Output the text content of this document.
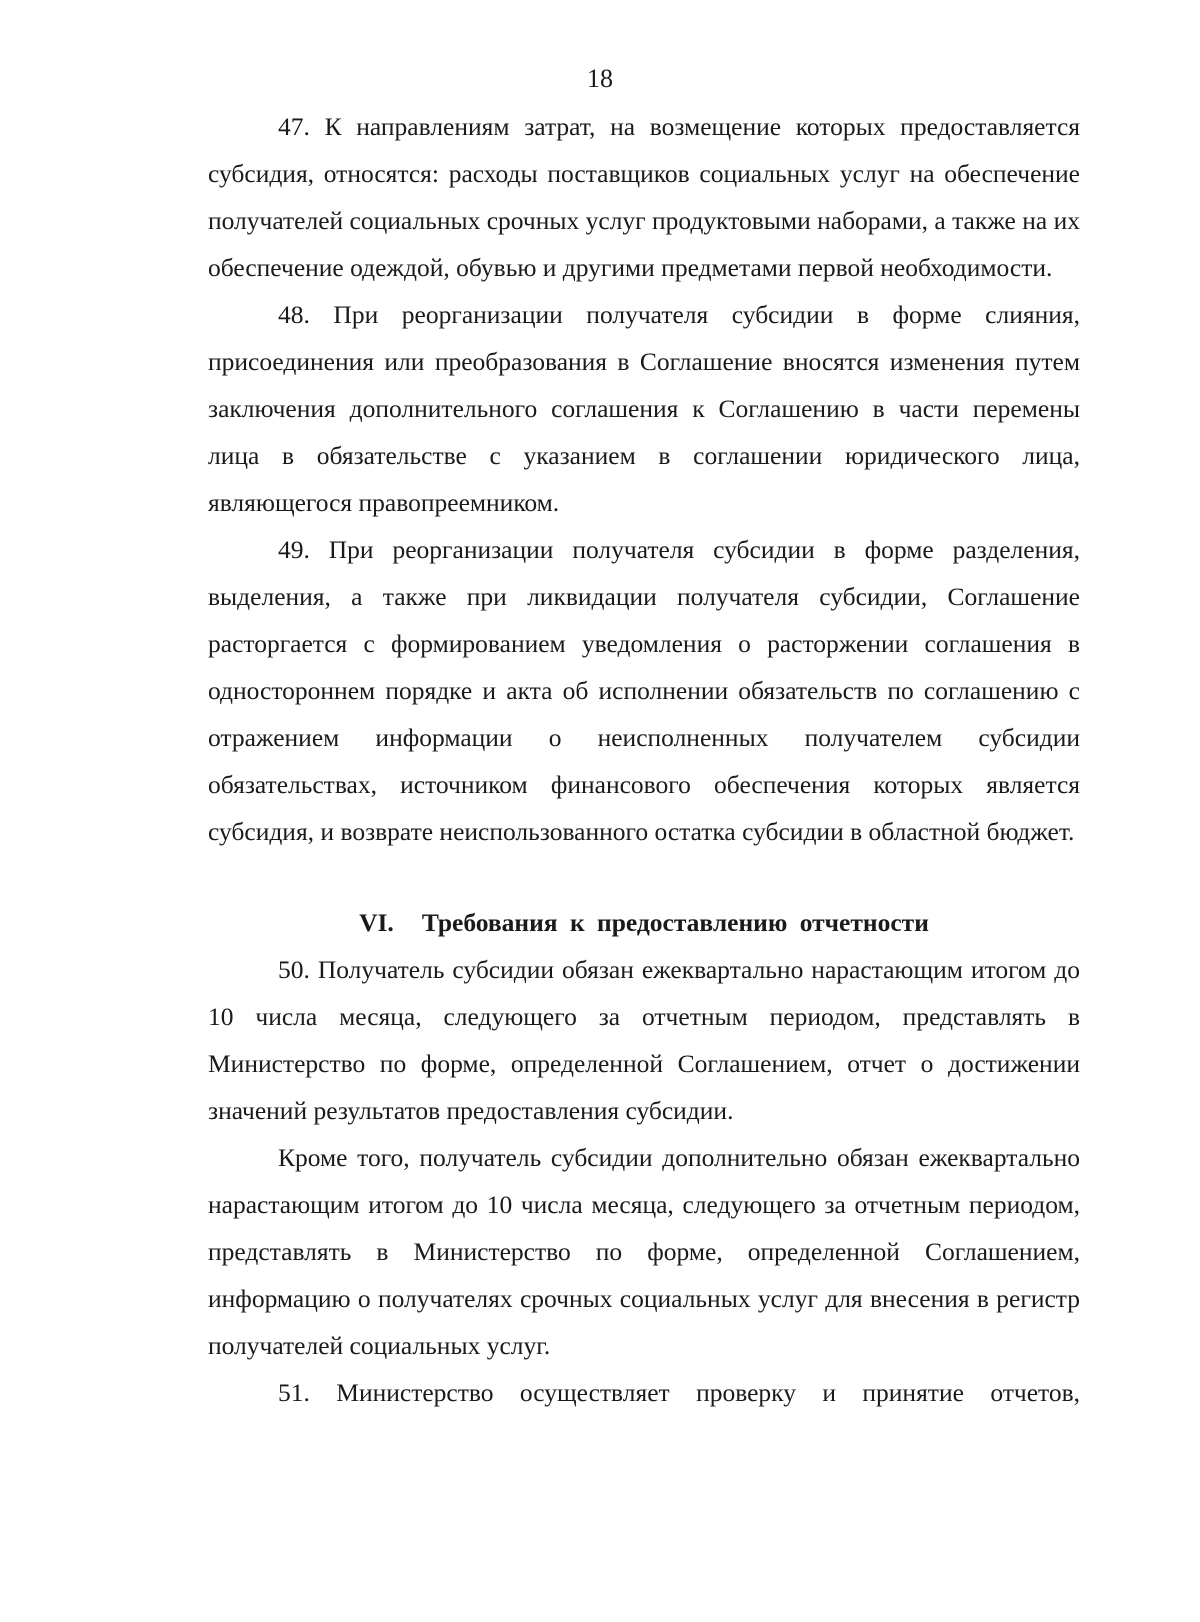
18

47. К направлениям затрат, на возмещение которых предоставляется субсидия, относятся: расходы поставщиков социальных услуг на обеспечение получателей социальных срочных услуг продуктовыми наборами, а также на их обеспечение одеждой, обувью и другими предметами первой необходимости.

48. При реорганизации получателя субсидии в форме слияния, присоединения или преобразования в Соглашение вносятся изменения путем заключения дополнительного соглашения к Соглашению в части перемены лица в обязательстве с указанием в соглашении юридического лица, являющегося правопреемником.

49. При реорганизации получателя субсидии в форме разделения, выделения, а также при ликвидации получателя субсидии, Соглашение расторгается с формированием уведомления о расторжении соглашения в одностороннем порядке и акта об исполнении обязательств по соглашению с отражением информации о неисполненных получателем субсидии обязательствах, источником финансового обеспечения которых является субсидия, и возврате неиспользованного остатка субсидии в областной бюджет.

VI. Требования к предоставлению отчетности

50. Получатель субсидии обязан ежеквартально нарастающим итогом до 10 числа месяца, следующего за отчетным периодом, представлять в Министерство по форме, определенной Соглашением, отчет о достижении значений результатов предоставления субсидии.

Кроме того, получатель субсидии дополнительно обязан ежеквартально нарастающим итогом до 10 числа месяца, следующего за отчетным периодом, представлять в Министерство по форме, определенной Соглашением, информацию о получателях срочных социальных услуг для внесения в регистр получателей социальных услуг.

51. Министерство осуществляет проверку и принятие отчетов,
